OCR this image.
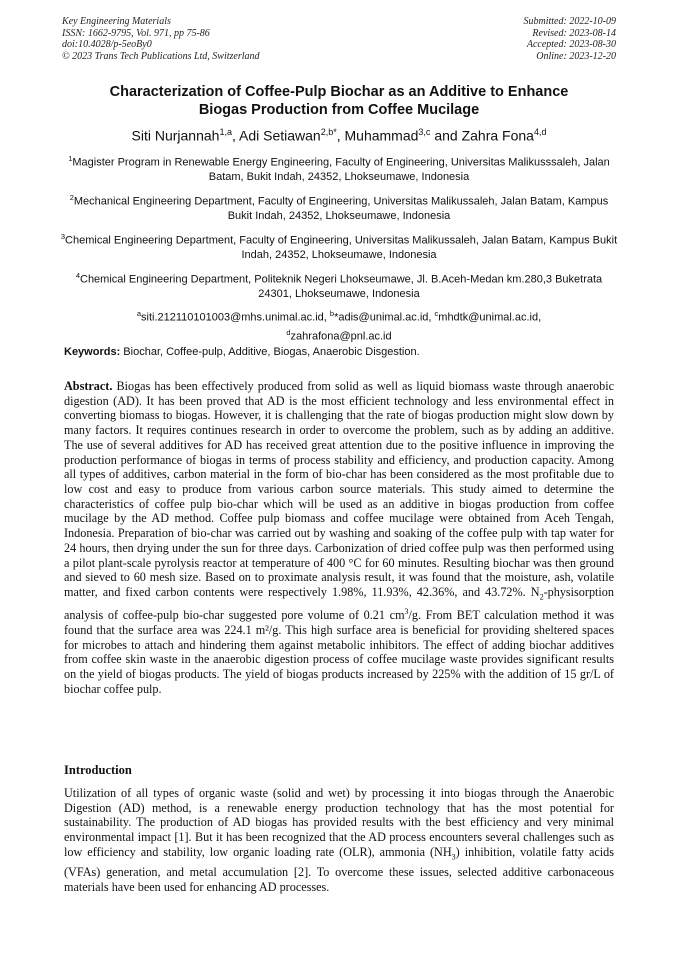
Key Engineering Materials
ISSN: 1662-9795, Vol. 971, pp 75-86
doi:10.4028/p-5eoBy0
© 2023 Trans Tech Publications Ltd, Switzerland
Submitted: 2022-10-09
Revised: 2023-08-14
Accepted: 2023-08-30
Online: 2023-12-20
Characterization of Coffee-Pulp Biochar as an Additive to Enhance
Biogas Production from Coffee Mucilage
Siti Nurjannah$^{1,a}$, Adi Setiawan$^{2,b*}$, Muhammad$^{3,c}$ and Zahra Fona$^{4,d}$
$^1$Magister Program in Renewable Energy Engineering, Faculty of Engineering, Universitas Malikusssaleh, Jalan Batam, Bukit Indah, 24352, Lhokseumawe, Indonesia
$^2$Mechanical Engineering Department, Faculty of Engineering, Universitas Malikussaleh, Jalan Batam, Kampus Bukit Indah, 24352, Lhokseumawe, Indonesia
$^3$Chemical Engineering Department, Faculty of Engineering, Universitas Malikussaleh, Jalan Batam, Kampus Bukit Indah, 24352, Lhokseumawe, Indonesia
$^4$Chemical Engineering Department, Politeknik Negeri Lhokseumawe, Jl. B.Aceh-Medan km.280,3 Buketrata 24301, Lhokseumawe, Indonesia
$^a$siti.212110101003@mhs.unimal.ac.id, $^b$*adis@unimal.ac.id, $^c$mhdtk@unimal.ac.id,
$^d$zahrafona@pnl.ac.id
Keywords: Biochar, Coffee-pulp, Additive, Biogas, Anaerobic Disgestion.
Abstract. Biogas has been effectively produced from solid as well as liquid biomass waste through anaerobic digestion (AD). It has been proved that AD is the most efficient technology and less environmental effect in converting biomass to biogas. However, it is challenging that the rate of biogas production might slow down by many factors. It requires continues research in order to overcome the problem, such as by adding an additive. The use of several additives for AD has received great attention due to the positive influence in improving the production performance of biogas in terms of process stability and efficiency, and production capacity. Among all types of additives, carbon material in the form of bio-char has been considered as the most profitable due to low cost and easy to produce from various carbon source materials. This study aimed to determine the characteristics of coffee pulp bio-char which will be used as an additive in biogas production from coffee mucilage by the AD method. Coffee pulp biomass and coffee mucilage were obtained from Aceh Tengah, Indonesia. Preparation of bio-char was carried out by washing and soaking of the coffee pulp with tap water for 24 hours, then drying under the sun for three days. Carbonization of dried coffee pulp was then performed using a pilot plant-scale pyrolysis reactor at temperature of 400 °C for 60 minutes. Resulting biochar was then ground and sieved to 60 mesh size. Based on to proximate analysis result, it was found that the moisture, ash, volatile matter, and fixed carbon contents were respectively 1.98%, 11.93%, 42.36%, and 43.72%. $N_2$-physisorption analysis of coffee-pulp bio-char suggested pore volume of 0.21 $cm^3/g$. From BET calculation method it was found that the surface area was 224.1 m²/g. This high surface area is beneficial for providing sheltered spaces for microbes to attach and hindering them against metabolic inhibitors. The effect of adding biochar additives from coffee skin waste in the anaerobic digestion process of coffee mucilage waste provides significant results on the yield of biogas products. The yield of biogas products increased by 225% with the addition of 15 gr/L of biochar coffee pulp.
Introduction
Utilization of all types of organic waste (solid and wet) by processing it into biogas through the Anaerobic Digestion (AD) method, is a renewable energy production technology that has the most potential for sustainability. The production of AD biogas has provided results with the best efficiency and very minimal environmental impact [1]. But it has been recognized that the AD process encounters several challenges such as low efficiency and stability, low organic loading rate (OLR), ammonia $(NH_3)$ inhibition, volatile fatty acids (VFAs) generation, and metal accumulation [2]. To overcome these issues, selected additive carbonaceous materials have been used for enhancing AD processes.
